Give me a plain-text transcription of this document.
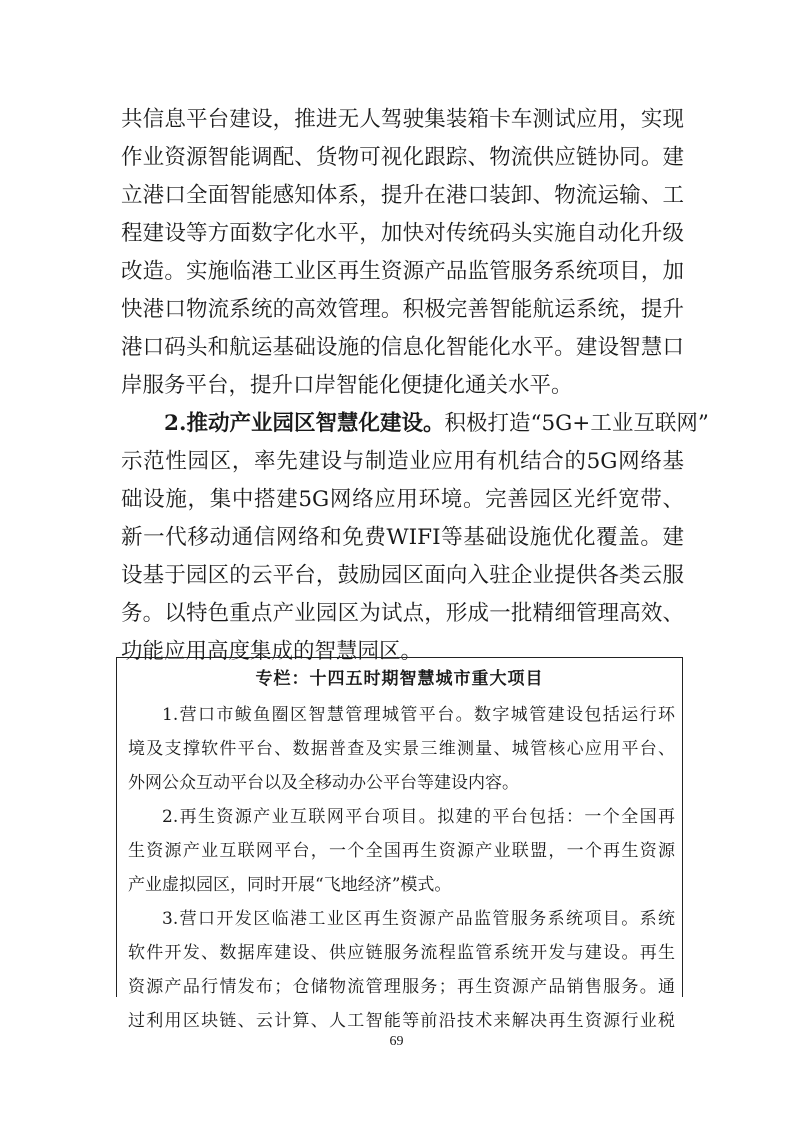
共信息平台建设，推进无人驾驶集装箱卡车测试应用，实现
作业资源智能调配、货物可视化跟踪、物流供应链协同。建
立港口全面智能感知体系，提升在港口装卸、物流运输、工
程建设等方面数字化水平，加快对传统码头实施自动化升级
改造。实施临港工业区再生资源产品监管服务系统项目，加
快港口物流系统的高效管理。积极完善智能航运系统，提升
港口码头和航运基础设施的信息化智能化水平。建设智慧口
岸服务平台，提升口岸智能化便捷化通关水平。
2.推动产业园区智慧化建设。积极打造“5G+工业互联网”
示范性园区，率先建设与制造业应用有机结合的5G网络基
础设施，集中搭建5G网络应用环境。完善园区光纤宽带、
新一代移动通信网络和免费WIFI等基础设施优化覆盖。建
设基于园区的云平台，鼓励园区面向入驻企业提供各类云服
务。以特色重点产业园区为试点，形成一批精细管理高效、
功能应用高度集成的智慧园区。
专栏：十四五时期智慧城市重大项目
1.营口市鲅鱼圈区智慧管理城管平台。数字城管建设包括运行环
境及支撑软件平台、数据普查及实景三维测量、城管核心应用平台、
外网公众互动平台以及全移动办公平台等建设内容。
2.再生资源产业互联网平台项目。拟建的平台包括：一个全国再
生资源产业互联网平台，一个全国再生资源产业联盟，一个再生资源
产业虚拟园区，同时开展“飞地经济”模式。
3.营口开发区临港工业区再生资源产品监管服务系统项目。系统
软件开发、数据库建设、供应链服务流程监管系统开发与建设。再生
资源产品行情发布；仓储物流管理服务；再生资源产品销售服务。通
过利用区块链、云计算、人工智能等前沿技术来解决再生资源行业税
69
